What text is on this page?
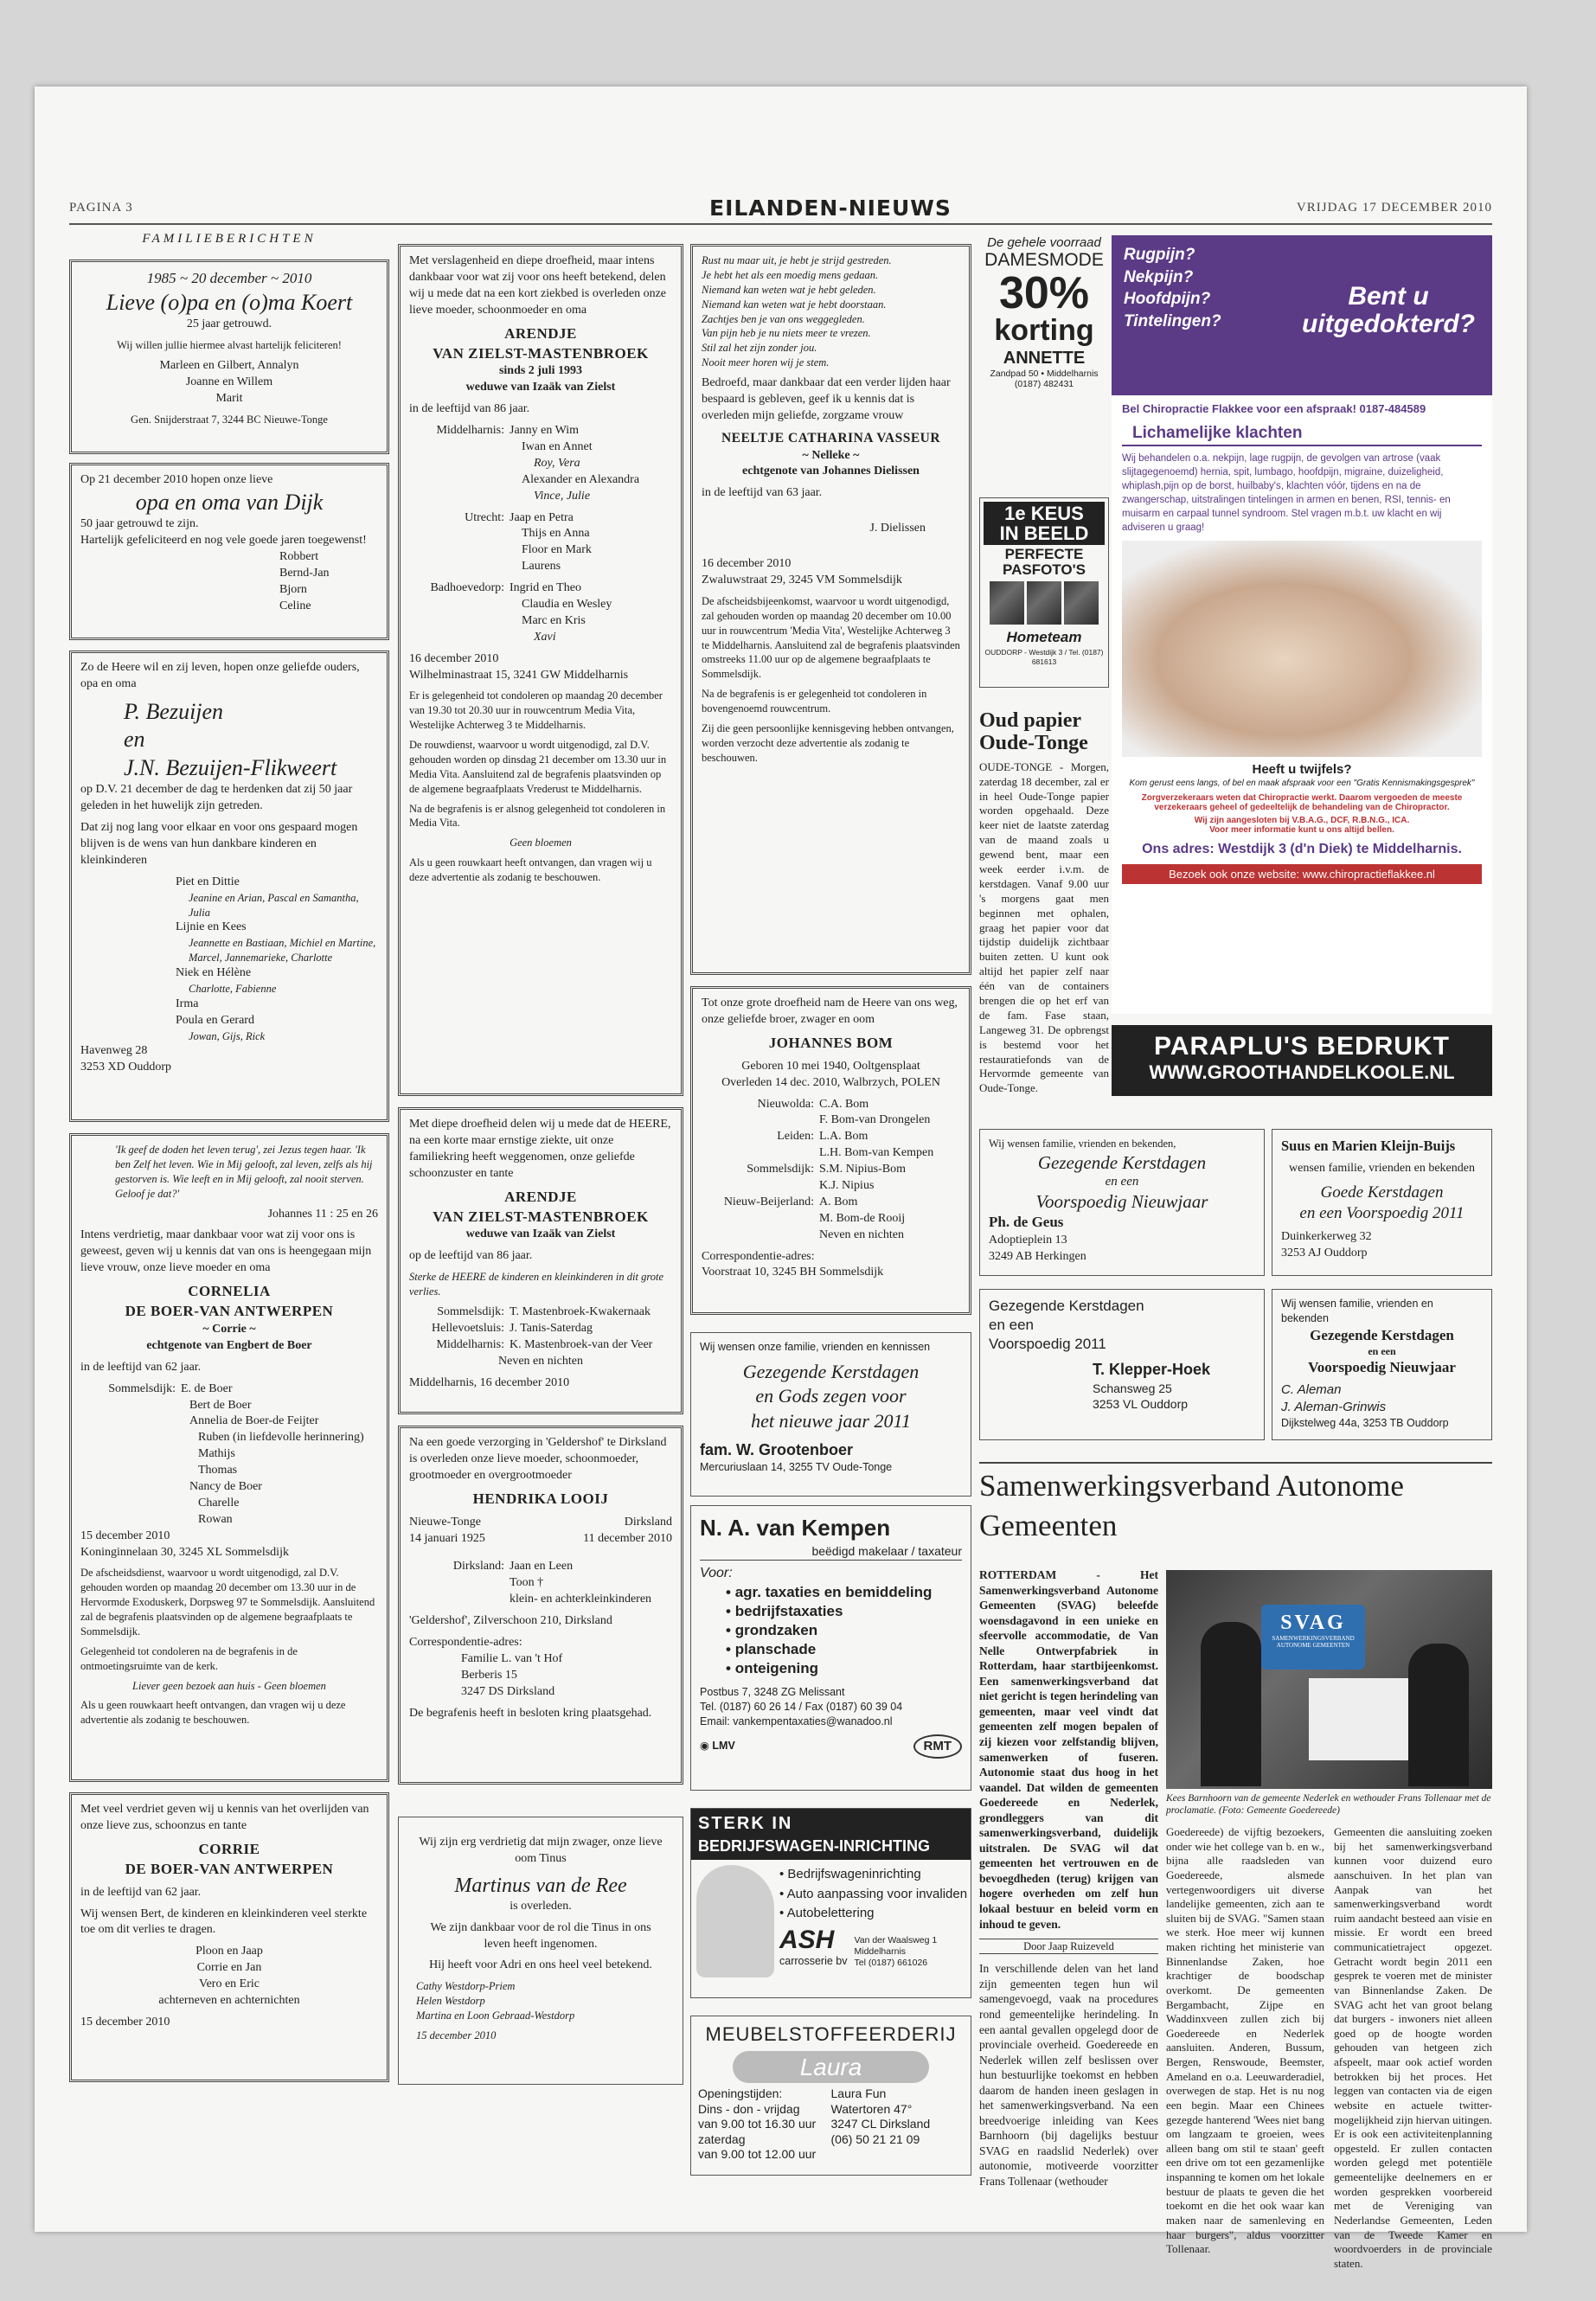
PAGINA 3	EILANDEN-NIEUWS	VRIJDAG 17 DECEMBER 2010
FAMILIEBERICHTEN
1985 ~ 20 december ~ 2010
Lieve (o)pa en (o)ma Koert
25 jaar getrouwd.
Wij willen jullie hiermee alvast hartelijk feliciteren!
Marleen en Gilbert, Annalyn
Joanne en Willem
Marit
Gen. Snijderstraat 7, 3244 BC Nieuwe-Tonge
Op 21 december 2010 hopen onze lieve
opa en oma van Dijk
50 jaar getrouwd te zijn.
Hartelijk gefeliciteerd en nog vele goede jaren toegewenst!
Robbert
Bernd-Jan
Bjorn
Celine
Zo de Heere wil en zij leven, hopen onze geliefde ouders, opa en oma
P. Bezuijen
en
J.N. Bezuijen-Flikweert
op D.V. 21 december de dag te herdenken dat zij 50 jaar geleden in het huwelijk zijn getreden.
Dat zij nog lang voor elkaar en voor ons gespaard mogen blijven is de wens van hun dankbare kinderen en kleinkinderen
Piet en Dittie
Jeanine en Arian, Pascal en Samantha, Julia
Lijnie en Kees
Jeannette en Bastiaan, Michiel en Martine, Marcel, Jannemarieke, Charlotte
Niek en Hélène
Charlotte, Fabienne
Irma
Poula en Gerard
Jowan, Gijs, Rick
Havenweg 28
3253 XD Ouddorp
'Ik geef de doden het leven terug', zei Jezus tegen haar. 'Ik ben Zelf het leven. Wie in Mij gelooft, zal leven, zelfs als hij gestorven is. Wie leeft en in Mij gelooft, zal nooit sterven. Geloof je dat?'
Johannes 11 : 25 en 26
Intens verdrietig, maar dankbaar voor wat zij voor ons is geweest, geven wij u kennis dat van ons is heengegaan mijn lieve vrouw, onze lieve moeder en oma
CORNELIA
DE BOER-VAN ANTWERPEN
~ Corrie ~
echtgenote van Engbert de Boer
in de leeftijd van 62 jaar.
Sommelsdijk: E. de Boer
Bert de Boer
Annelia de Boer-de Feijter
Ruben (in liefdevolle herinnering)
Mathijs
Thomas
Nancy de Boer
Charelle
Rowan
15 december 2010
Koninginnelaan 30, 3245 XL Sommelsdijk
De afscheidsdienst, waarvoor u wordt uitgenodigd, zal D.V. gehouden worden op maandag 20 december om 13.30 uur in de Hervormde Exoduskerk, Dorpsweg 97 te Sommelsdijk. Aansluitend zal de begrafenis plaatsvinden op de algemene begraafplaats te Sommelsdijk.
Gelegenheid tot condoleren na de begrafenis in de ontmoetingsruimte van de kerk.
Liever geen bezoek aan huis - Geen bloemen
Als u geen rouwkaart heeft ontvangen, dan vragen wij u deze advertentie als zodanig te beschouwen.
Met veel verdriet geven wij u kennis van het overlijden van onze lieve zus, schoonzus en tante
CORRIE
DE BOER-VAN ANTWERPEN
in de leeftijd van 62 jaar.
Wij wensen Bert, de kinderen en kleinkinderen veel sterkte toe om dit verlies te dragen.
Ploon en Jaap
Corrie en Jan
Vero en Eric
achterneven en achternichten
15 december 2010
Met verslagenheid en diepe droefheid, maar intens dankbaar voor wat zij voor ons heeft betekend, delen wij u mede dat na een kort ziekbed is overleden onze lieve moeder, schoonmoeder en oma
ARENDJE
VAN ZIELST-MASTENBROEK
sinds 2 juli 1993
weduwe van Izaäk van Zielst
in de leeftijd van 86 jaar.
Middelharnis: Janny en Wim
Iwan en Annet
Roy, Vera
Alexander en Alexandra
Vince, Julie
Utrecht: Jaap en Petra
Thijs en Anna
Floor en Mark
Laurens
Badhoevedorp: Ingrid en Theo
Claudia en Wesley
Marc en Kris
Xavi
16 december 2010
Wilhelminastraat 15, 3241 GW Middelharnis
Er is gelegenheid tot condoleren op maandag 20 december van 19.30 tot 20.30 uur in rouwcentrum Media Vita, Westelijke Achterweg 3 te Middelharnis.
De rouwdienst, waarvoor u wordt uitgenodigd, zal D.V. gehouden worden op dinsdag 21 december om 13.30 uur in Media Vita. Aansluitend zal de begrafenis plaatsvinden op de algemene begraafplaats Vrederust te Middelharnis.
Na de begrafenis is er alsnog gelegenheid tot condoleren in Media Vita.
Geen bloemen
Als u geen rouwkaart heeft ontvangen, dan vragen wij u deze advertentie als zodanig te beschouwen.
Met diepe droefheid delen wij u mede dat de HEERE, na een korte maar ernstige ziekte, uit onze familiekring heeft weggenomen, onze geliefde schoonzuster en tante
ARENDJE
VAN ZIELST-MASTENBROEK
weduwe van Izaäk van Zielst
op de leeftijd van 86 jaar.
Sterke de HEERE de kinderen en kleinkinderen in dit grote verlies.
Sommelsdijk: T. Mastenbroek-Kwakernaak
Hellevoetsluis: J. Tanis-Saterdag
Middelharnis: K. Mastenbroek-van der Veer
Neven en nichten
Middelharnis, 16 december 2010
Na een goede verzorging in 'Geldershof' te Dirksland is overleden onze lieve moeder, schoonmoeder, grootmoeder en overgrootmoeder
HENDRIKA LOOIJ
Nieuwe-Tonge
14 januari 1925
Dirksland
11 december 2010
Dirksland: Jaan en Leen
Toon †
klein- en achterkleinkinderen
'Geldershof', Zilverschoon 210, Dirksland
Correspondentie-adres:
Familie L. van 't Hof
Berberis 15
3247 DS Dirksland
De begrafenis heeft in besloten kring plaatsgehad.
Wij zijn erg verdrietig dat mijn zwager, onze lieve oom Tinus
Martinus van de Ree
is overleden.
We zijn dankbaar voor de rol die Tinus in ons leven heeft ingenomen.
Hij heeft voor Adri en ons heel veel betekend.
Cathy Westdorp-Priem
Helen Westdorp
Martina en Loon Gebraad-Westdorp
15 december 2010
Rust nu maar uit, je hebt je strijd gestreden.
Je hebt het als een moedig mens gedaan.
Niemand kan weten wat je hebt geleden.
Niemand kan weten wat je hebt doorstaan.
Zachtjes ben je van ons weggegleden.
Van pijn heb je nu niets meer te vrezen.
Stil zal het zijn zonder jou.
Nooit meer horen wij je stem.
Bedroefd, maar dankbaar dat een verder lijden haar bespaard is gebleven, geef ik u kennis dat is overleden mijn geliefde, zorgzame vrouw
NEELTJE CATHARINA VASSEUR
~ Nelleke ~
echtgenote van Johannes Dielissen
in de leeftijd van 63 jaar.
J. Dielissen
16 december 2010
Zwaluwstraat 29, 3245 VM Sommelsdijk
De afscheidsbijeenkomst, waarvoor u wordt uitgenodigd, zal gehouden worden op maandag 20 december om 10.00 uur in rouwcentrum 'Media Vita', Westelijke Achterweg 3 te Middelharnis. Aansluitend zal de begrafenis plaatsvinden omstreeks 11.00 uur op de algemene begraafplaats te Sommelsdijk.
Na de begrafenis is er gelegenheid tot condoleren in bovengenoemd rouwcentrum.
Zij die geen persoonlijke kennisgeving hebben ontvangen, worden verzocht deze advertentie als zodanig te beschouwen.
Tot onze grote droefheid nam de Heere van ons weg, onze geliefde broer, zwager en oom
JOHANNES BOM
Geboren 10 mei 1940, Ooltgensplaat
Overleden 14 dec. 2010, Walbrzych, POLEN
Nieuwolda: C.A. Bom
F. Bom-van Drongelen
Leiden: L.A. Bom
L.H. Bom-van Kempen
Sommelsdijk: S.M. Nipius-Bom
K.J. Nipius
Nieuw-Beijerland: A. Bom
M. Bom-de Rooij
Neven en nichten
Correspondentie-adres:
Voorstraat 10, 3245 BH Sommelsdijk
Wij wensen onze familie, vrienden en kennissen
Gezegende Kerstdagen
en Gods zegen voor
het nieuwe jaar 2011
fam. W. Grootenboer
Mercuriuslaan 14, 3255 TV Oude-Tonge
N. A. van Kempen
beëdigd makelaar / taxateur
Voor:
• agr. taxaties en bemiddeling
• bedrijfstaxaties
• grondzaken
• planschade
• onteigening
Postbus 7, 3248 ZG Melissant
Tel. (0187) 60 26 14 / Fax (0187) 60 39 04
Email: vankempentaxaties@wanadoo.nl
◉ LMV	RMT
STERK IN
BEDRIJFSWAGEN-INRICHTING
• Bedrijfswageninrichting
• Auto aanpassing voor invaliden
• Autobelettering
ASH
carrosserie bv
Van der Waalsweg 1
Middelharnis
Tel (0187) 661026
MEUBELSTOFFEERDERIJ
Laura
Openingstijden:
Dins - don - vrijdag
van 9.00 tot 16.30 uur
zaterdag
van 9.00 tot 12.00 uur
Laura Fun
Watertoren 47°
3247 CL Dirksland
(06) 50 21 21 09
De gehele voorraad
DAMESMODE
30%
korting
ANNETTE
Zandpad 50 • Middelharnis
(0187) 482431
1e KEUS
IN BEELD
PERFECTE
PASFOTO'S
Hometeam
OUDDORP - Westdijk 3 / Tel. (0187) 681613
Oud papier
Oude-Tonge
OUDE-TONGE - Morgen, zaterdag 18 december, zal er in heel Oude-Tonge papier worden opgehaald. Deze keer niet de laatste zaterdag van de maand zoals u gewend bent, maar een week eerder i.v.m. de kerstdagen. Vanaf 9.00 uur 's morgens gaat men beginnen met ophalen, graag het papier voor dat tijdstip duidelijk zichtbaar buiten zetten. U kunt ook altijd het papier zelf naar één van de containers brengen die op het erf van de fam. Fase staan, Langeweg 31. De opbrengst is bestemd voor het restauratiefonds van de Hervormde gemeente van Oude-Tonge.
Wij wensen familie, vrienden en bekenden,
Gezegende Kerstdagen
en een
Voorspoedig Nieuwjaar
Ph. de Geus
Adoptieplein 13
3249 AB Herkingen
Gezegende Kerstdagen
en een
Voorspoedig 2011
T. Klepper-Hoek
Schansweg 25
3253 VL Ouddorp
Rugpijn?
Nekpijn?
Hoofdpijn?
Tintelingen?
Bent u
uitgedokterd?
Bel Chiropractie Flakkee voor een afspraak! 0187-484589
Lichamelijke klachten
Wij behandelen o.a. nekpijn, lage rugpijn, de gevolgen van artrose (vaak slijtagegenoemd) hernia, spit, lumbago, hoofdpijn, migraine, duizeligheid, whiplash,pijn op de borst, huilbaby's, klachten vóór, tijdens en na de zwangerschap, uitstralingen tintelingen in armen en benen, RSI, tennis- en muisarm en carpaal tunnel syndroom. Stel vragen m.b.t. uw klacht en wij adviseren u graag!
Heeft u twijfels?
Kom gerust eens langs, of bel en maak afspraak voor een "Gratis Kennismakingsgesprek"
Zorgverzekeraars weten dat Chiropractie werkt. Daarom vergoeden de meeste verzekeraars geheel of gedeeltelijk de behandeling van de Chiropractor.
Wij zijn aangesloten bij V.B.A.G., DCF, R.B.N.G., ICA.
Voor meer informatie kunt u ons altijd bellen.
Ons adres: Westdijk 3 (d'n Diek) te Middelharnis.
Bezoek ook onze website: www.chiropractieflakkee.nl
PARAPLU'S BEDRUKT
WWW.GROOTHANDELKOOLE.NL
Suus en Marien Kleijn-Buijs
wensen familie, vrienden en bekenden
Goede Kerstdagen
en een Voorspoedig 2011
Duinkerkerweg 32
3253 AJ Ouddorp
Wij wensen familie, vrienden en bekenden
Gezegende Kerstdagen
en een
Voorspoedig Nieuwjaar
C. Aleman
J. Aleman-Grinwis
Dijkstelweg 44a, 3253 TB Ouddorp
Samenwerkingsverband Autonome
Gemeenten
ROTTERDAM - Het Samenwerkingsverband Autonome Gemeenten (SVAG) beleefde woensdagavond in een unieke en sfeervolle accommodatie, de Van Nelle Ontwerpfabriek in Rotterdam, haar startbijeenkomst. Een samenwerkingsverband dat niet gericht is tegen herindeling van gemeenten, maar veel vindt dat gemeenten zelf mogen bepalen of zij kiezen voor zelfstandig blijven, samenwerken of fuseren. Autonomie staat dus hoog in het vaandel. Dat wilden de gemeenten Goedereede en Nederlek, grondleggers van dit samenwerkingsverband, duidelijk uitstralen. De SVAG wil dat gemeenten het vertrouwen en de bevoegdheden (terug) krijgen van hogere overheden om zelf hun lokaal bestuur en beleid vorm en inhoud te geven.
Door Jaap Ruizeveld
In verschillende delen van het land zijn gemeenten tegen hun wil samengevoegd, vaak na procedures rond gemeentelijke herindeling. In een aantal gevallen opgelegd door de provinciale overheid. Goedereede en Nederlek willen zelf beslissen over hun bestuurlijke toekomst en hebben daarom de handen ineen geslagen in het samenwerkingsverband. Na een breedvoerige inleiding van Kees Barnhoorn (bij dagelijks bestuur SVAG en raadslid Nederlek) over autonomie, motiveerde voorzitter Frans Tollenaar (wethouder
SVAG
SAMENWERKINGSVERBAND
AUTONOME GEMEENTEN
Kees Barnhoorn van de gemeente Nederlek en wethouder Frans Tollenaar met de proclamatie. (Foto: Gemeente Goedereede)
Goedereede) de vijftig bezoekers, onder wie het college van b. en w., bijna alle raadsleden van Goedereede, alsmede vertegenwoordigers uit diverse landelijke gemeenten, zich aan te sluiten bij de SVAG. "Samen staan we sterk. Hoe meer wij kunnen maken richting het ministerie van Binnenlandse Zaken, hoe krachtiger de boodschap overkomt. De gemeenten Bergambacht, Zijpe en Waddinxveen zullen zich bij Goedereede en Nederlek aansluiten. Anderen, Bussum, Bergen, Renswoude, Beemster, Ameland en o.a. Leeuwarderadiel, overwegen de stap. Het is nu nog een begin. Maar een Chinees gezegde hanterend 'Wees niet bang om langzaam te groeien, wees alleen bang om stil te staan' geeft een drive om tot een gezamenlijke inspanning te komen om het lokale bestuur de plaats te geven die het toekomt en die het ook waar kan maken naar de samenleving en haar burgers", aldus voorzitter Tollenaar.
Gemeenten die aansluiting zoeken bij het samenwerkingsverband kunnen voor duizend euro aanschuiven. In het plan van Aanpak van het samenwerkingsverband wordt ruim aandacht besteed aan visie en missie. Er wordt een breed communicatietraject opgezet. Getracht wordt begin 2011 een gesprek te voeren met de minister van Binnenlandse Zaken. De SVAG acht het van groot belang dat burgers - inwoners niet alleen goed op de hoogte worden gehouden van hetgeen zich afspeelt, maar ook actief worden betrokken bij het proces. Het leggen van contacten via de eigen website en actuele twitter-mogelijkheid zijn hiervan uitingen. Er is ook een activiteitenplanning opgesteld. Er zullen contacten worden gelegd met potentiële gemeentelijke deelnemers en er worden gesprekken voorbereid met de Vereniging van Nederlandse Gemeenten, Leden van de Tweede Kamer en woordvoerders in de provinciale staten.
